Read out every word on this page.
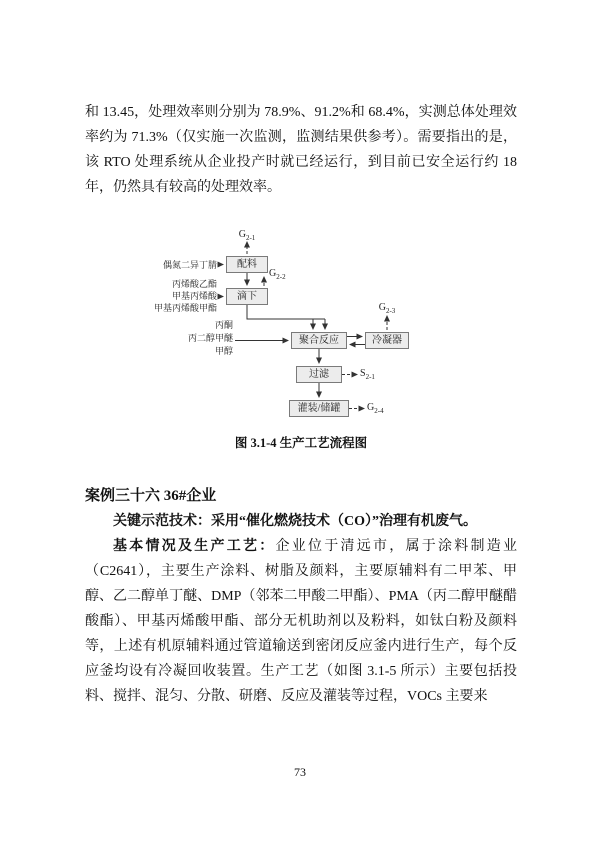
和 13.45，处理效率则分别为 78.9%、91.2%和 68.4%，实测总体处理效率约为 71.3%（仅实施一次监测，监测结果供参考）。需要指出的是，该 RTO 处理系统从企业投产时就已经运行，到目前已安全运行约 18 年，仍然具有较高的处理效率。

配料
滴下
聚合反应	冷凝器
过滤
灌装/储罐
偶氮二异丁腈
丙烯酸乙酯
甲基丙烯酸
甲基丙烯酸甲酯
丙酮
丙二醇甲醚
甲醇
$G_{2-1}$
$G_{2-2}$
$G_{2-3}$
$S_{2-1}$
$G_{2-4}$

图 3.1-4 生产工艺流程图

案例三十六 36#企业

关键示范技术：采用“催化燃烧技术（CO）”治理有机废气。

基本情况及生产工艺：企业位于清远市，属于涂料制造业（C2641），主要生产涂料、树脂及颜料，主要原辅料有二甲苯、甲醇、乙二醇单丁醚、DMP（邻苯二甲酸二甲酯）、PMA（丙二醇甲醚醋酸酯）、甲基丙烯酸甲酯、部分无机助剂以及粉料，如钛白粉及颜料等，上述有机原辅料通过管道输送到密闭反应釜内进行生产，每个反应釜均设有冷凝回收装置。生产工艺（如图 3.1-5 所示）主要包括投料、搅拌、混匀、分散、研磨、反应及灌装等过程，VOCs 主要来

73
